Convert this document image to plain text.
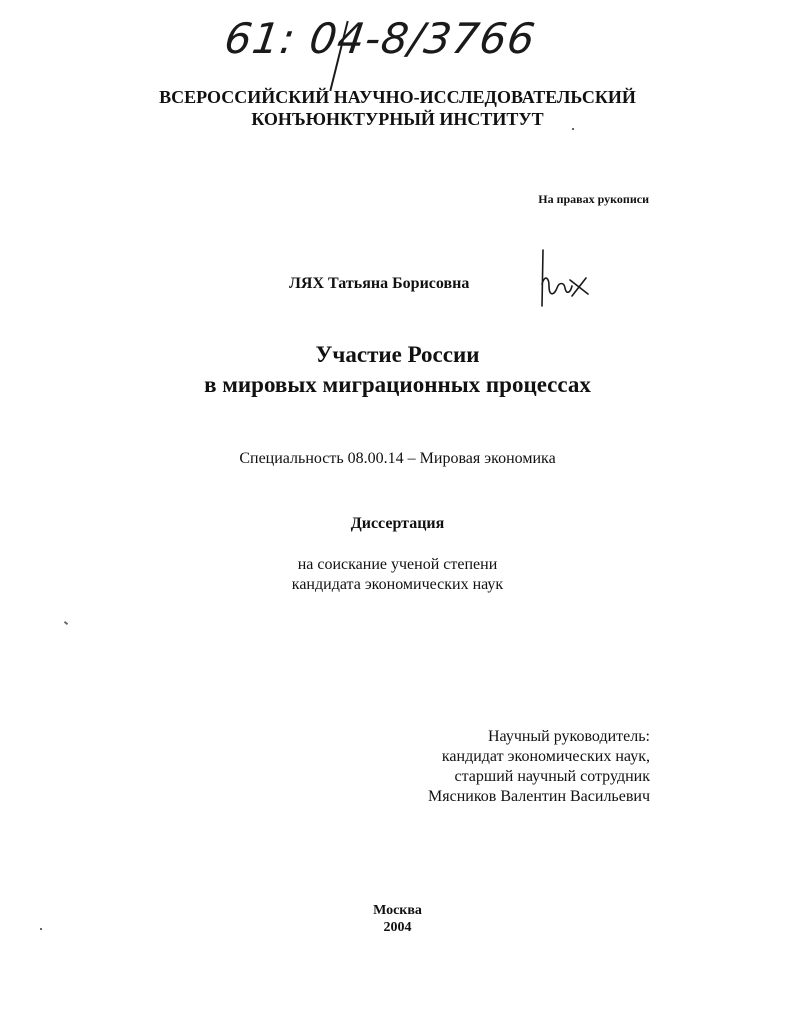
61: 04-8/3766
ВСЕРОССИЙСКИЙ НАУЧНО-ИССЛЕДОВАТЕЛЬСКИЙ
КОНЪЮНКТУРНЫЙ ИНСТИТУТ
На правах рукописи
ЛЯХ Татьяна Борисовна
Участие России
в мировых миграционных процессах
Специальность 08.00.14 – Мировая экономика
Диссертация
на соискание ученой степени
кандидата экономических наук
Научный руководитель:
кандидат экономических наук,
старший научный сотрудник
Мясников Валентин Васильевич
Москва
2004
